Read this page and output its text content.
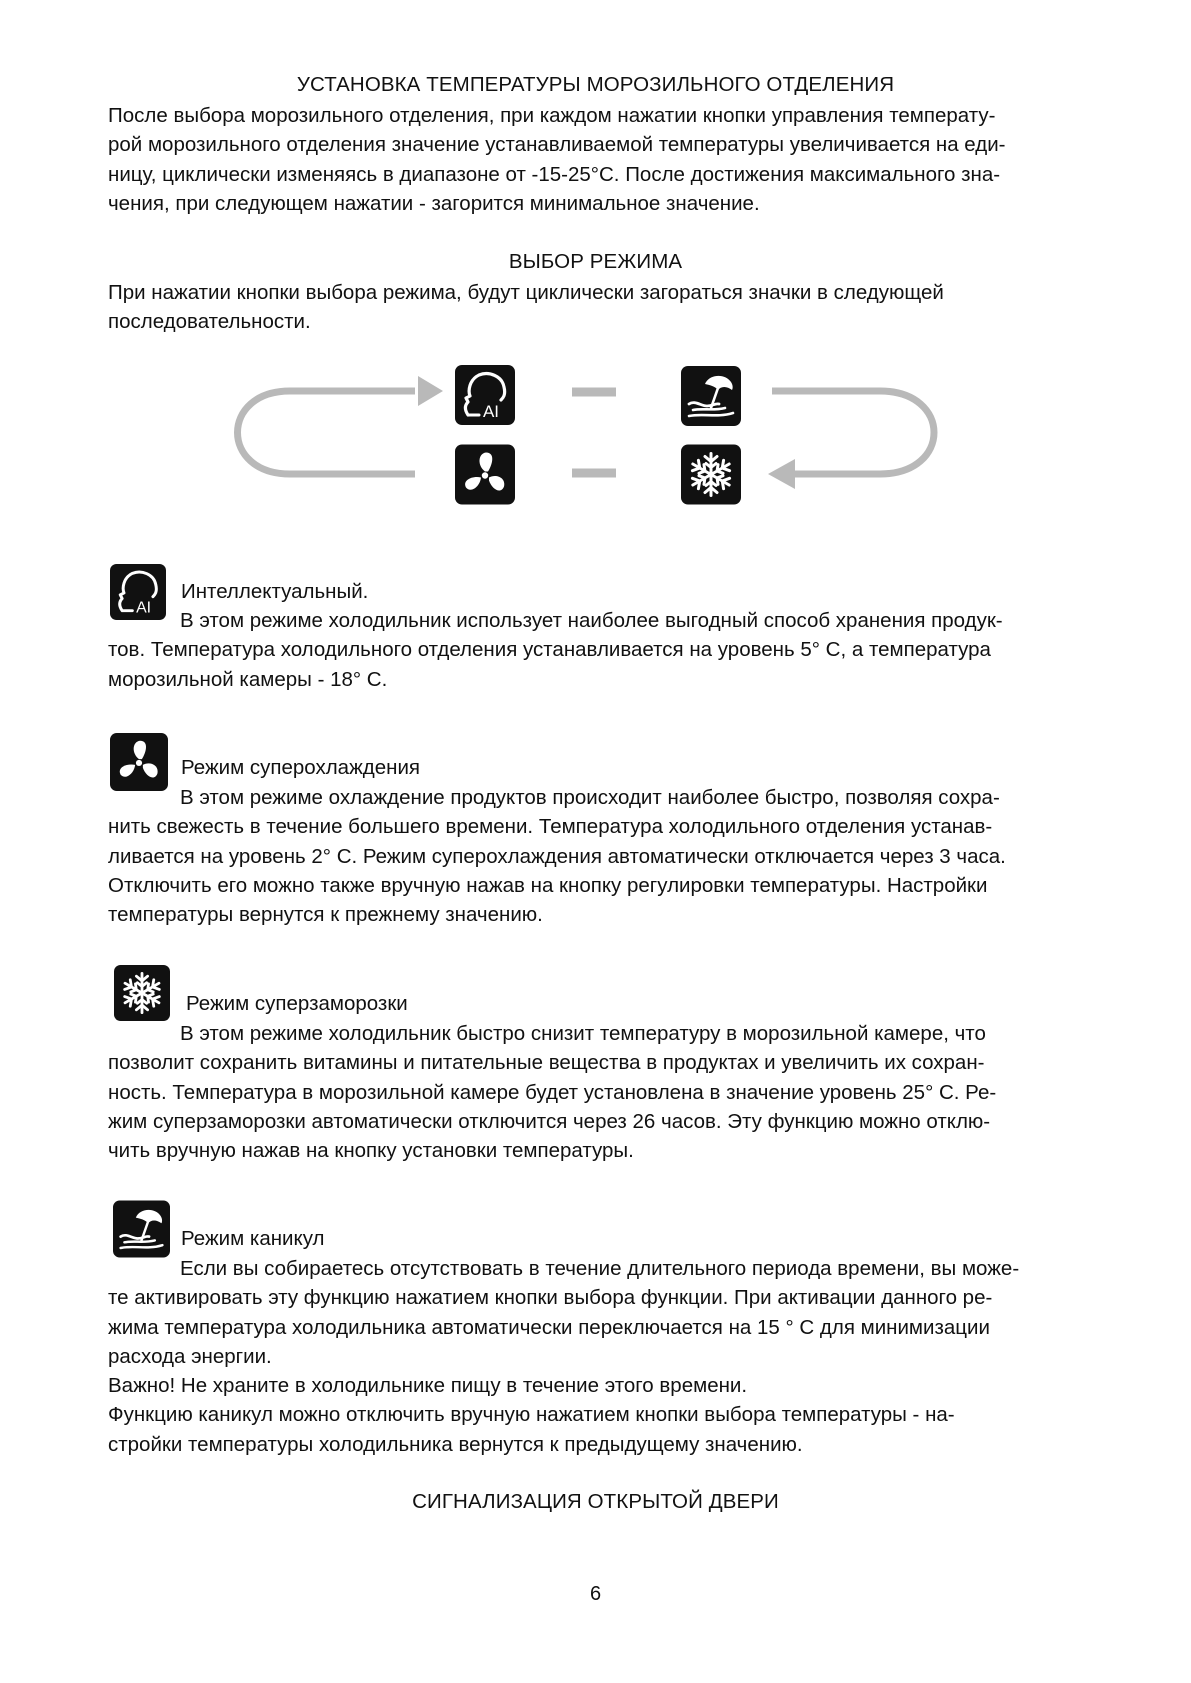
УСТАНОВКА ТЕМПЕРАТУРЫ МОРОЗИЛЬНОГО ОТДЕЛЕНИЯ

После выбора морозильного отделения, при каждом нажатии кнопки управления температу-

рой морозильного отделения значение устанавливаемой температуры увеличивается на еди-

ницу, циклически изменяясь в диапазоне от -15-25°С. После достижения максимального зна-

чения, при следующем нажатии - загорится минимальное значение.

ВЫБОР РЕЖИМА

При нажатии кнопки выбора режима, будут циклически загораться значки в следующей

последовательности.

Интеллектуальный.

В этом режиме холодильник использует наиболее выгодный способ хранения продук-

тов. Температура холодильного отделения устанавливается на уровень 5° С, а температура

морозильной камеры - 18° С.

Режим суперохлаждения

В этом режиме охлаждение продуктов происходит наиболее быстро, позволяя сохра-

нить свежесть в течение большего времени. Температура холодильного отделения устанав-

ливается на уровень 2° С. Режим суперохлаждения автоматически отключается через 3 часа.

Отключить его можно также вручную нажав на кнопку регулировки температуры. Настройки

температуры вернутся к прежнему значению.

Режим суперзаморозки

В этом режиме холодильник быстро снизит температуру в морозильной камере, что

позволит сохранить витамины и питательные вещества в продуктах и увеличить их сохран-

ность. Температура в морозильной камере будет установлена в значение уровень 25° С. Ре-

жим суперзаморозки автоматически отключится через 26 часов. Эту функцию можно отклю-

чить вручную нажав на кнопку установки температуры.

Режим каникул

Если вы собираетесь отсутствовать в течение длительного периода времени, вы може-

те активировать эту функцию нажатием кнопки выбора функции. При активации данного ре-

жима температура холодильника автоматически переключается на 15 ° С для минимизации

расхода энергии.

Важно! Не храните в холодильнике пищу в течение этого времени.

Функцию каникул можно отключить вручную нажатием кнопки выбора температуры - на-

стройки температуры холодильника вернутся к предыдущему значению.

СИГНАЛИЗАЦИЯ ОТКРЫТОЙ ДВЕРИ
6
